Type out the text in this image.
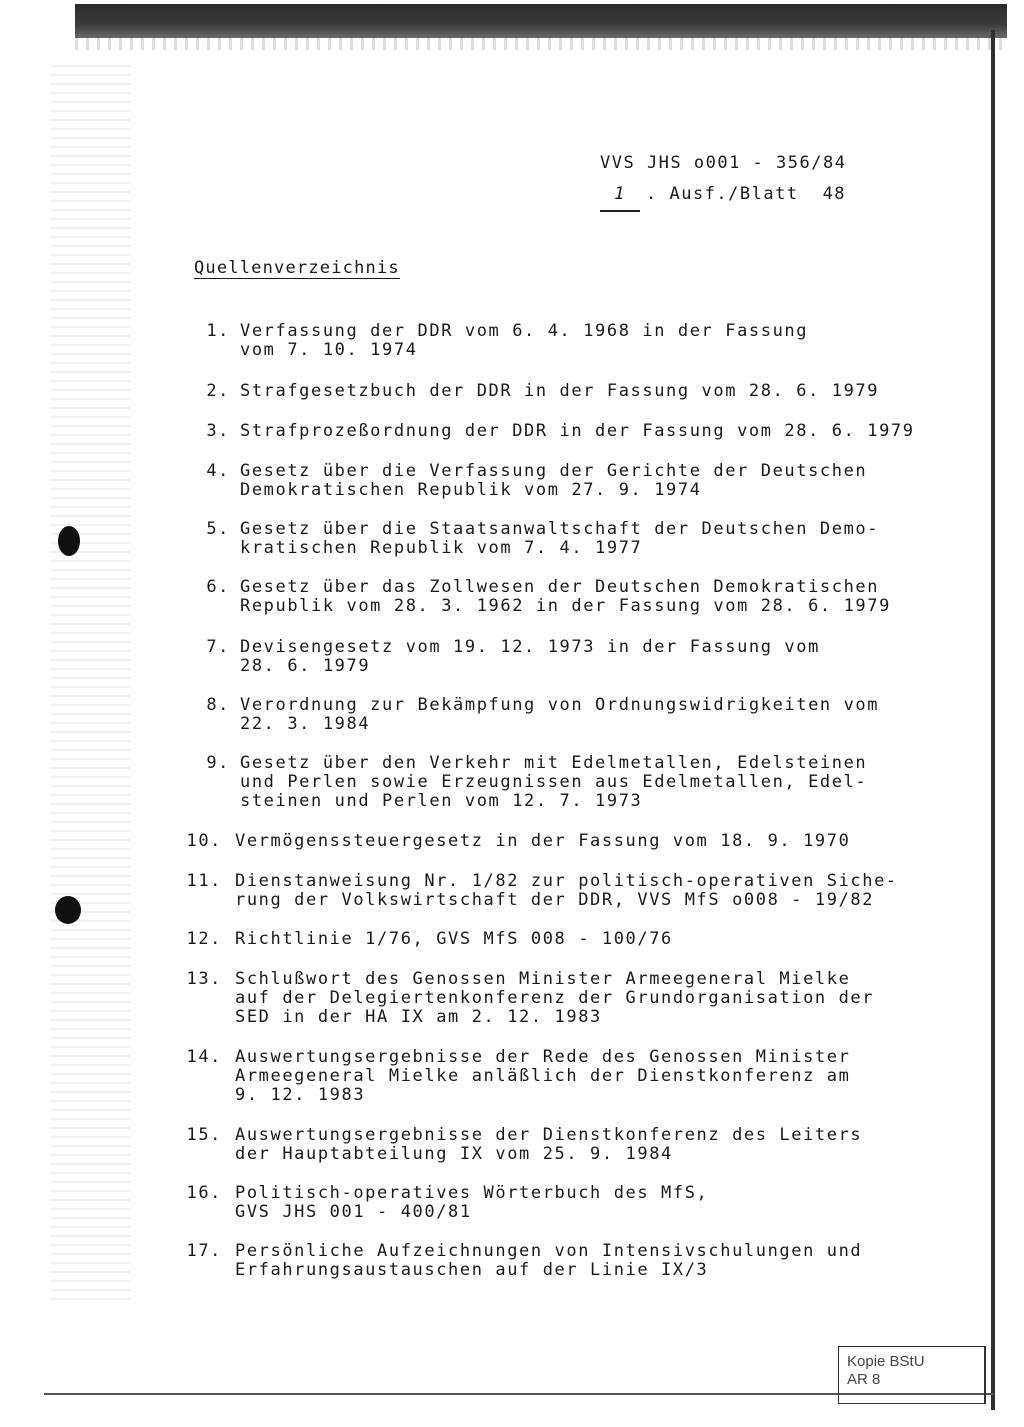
VVS JHS o001 - 356/84
1 . Ausf./Blatt 48
Quellenverzeichnis
1. Verfassung der DDR vom 6. 4. 1968 in der Fassung
vom 7. 10. 1974
2. Strafgesetzbuch der DDR in der Fassung vom 28. 6. 1979
3. Strafprozeßordnung der DDR in der Fassung vom 28. 6. 1979
4. Gesetz über die Verfassung der Gerichte der Deutschen
Demokratischen Republik vom 27. 9. 1974
5. Gesetz über die Staatsanwaltschaft der Deutschen Demo-
kratischen Republik vom 7. 4. 1977
6. Gesetz über das Zollwesen der Deutschen Demokratischen
Republik vom 28. 3. 1962 in der Fassung vom 28. 6. 1979
7. Devisengesetz vom 19. 12. 1973 in der Fassung vom
28. 6. 1979
8. Verordnung zur Bekämpfung von Ordnungswidrigkeiten vom
22. 3. 1984
9. Gesetz über den Verkehr mit Edelmetallen, Edelsteinen
und Perlen sowie Erzeugnissen aus Edelmetallen, Edel-
steinen und Perlen vom 12. 7. 1973
10. Vermögenssteuergesetz in der Fassung vom 18. 9. 1970
11. Dienstanweisung Nr. 1/82 zur politisch-operativen Siche-
rung der Volkswirtschaft der DDR, VVS MfS o008 - 19/82
12. Richtlinie 1/76, GVS MfS 008 - 100/76
13. Schlußwort des Genossen Minister Armeegeneral Mielke
auf der Delegiertenkonferenz der Grundorganisation der
SED in der HA IX am 2. 12. 1983
14. Auswertungsergebnisse der Rede des Genossen Minister
Armeegeneral Mielke anläßlich der Dienstkonferenz am
9. 12. 1983
15. Auswertungsergebnisse der Dienstkonferenz des Leiters
der Hauptabteilung IX vom 25. 9. 1984
16. Politisch-operatives Wörterbuch des MfS,
GVS JHS 001 - 400/81
17. Persönliche Aufzeichnungen von Intensivschulungen und
Erfahrungsaustauschen auf der Linie IX/3
Kopie BStU
AR 8
